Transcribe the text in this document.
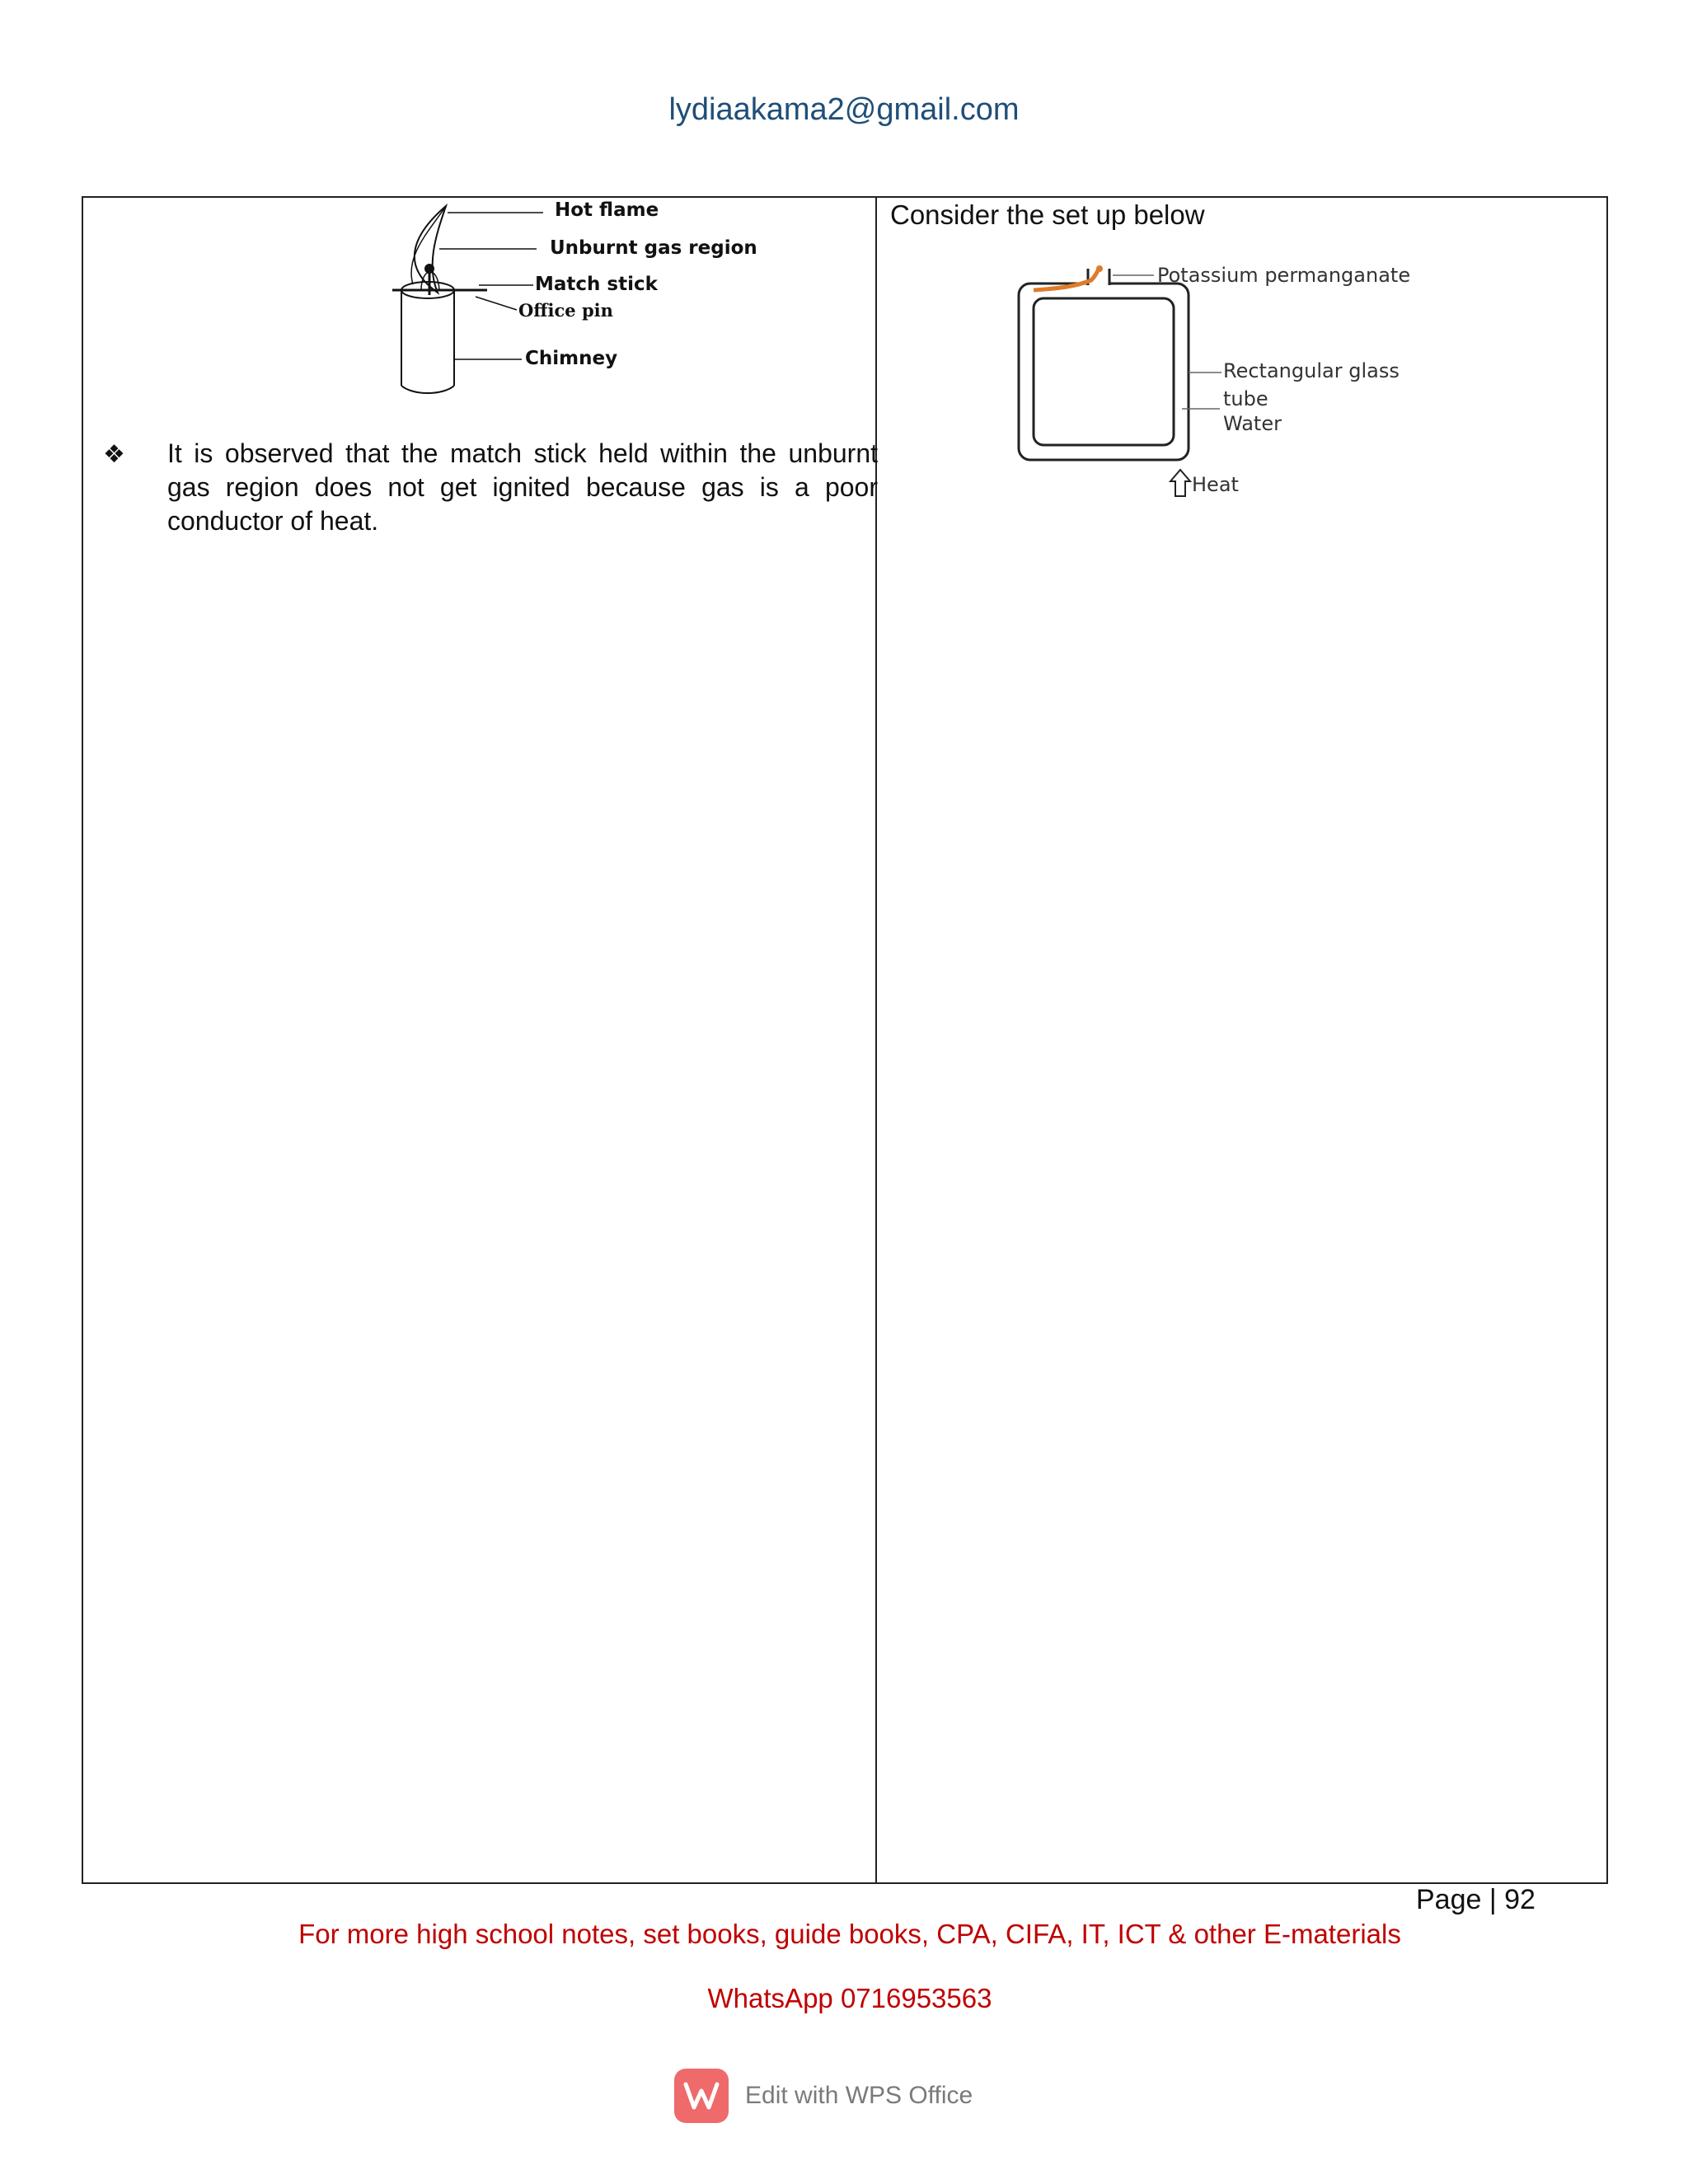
lydiaakama2@gmail.com
Hot flame
Unburnt gas region
Match stick
Office pin
Chimney
❖ It is observed that the match stick held within the unburnt gas region does not get ignited because gas is a poor conductor of heat.
Consider the set up below
Potassium permanganate
Rectangular glass
tube
Water
Heat
Page | 92
For more high school notes, set books, guide books, CPA, CIFA, IT, ICT & other E-materials
WhatsApp 0716953563
Edit with WPS Office
